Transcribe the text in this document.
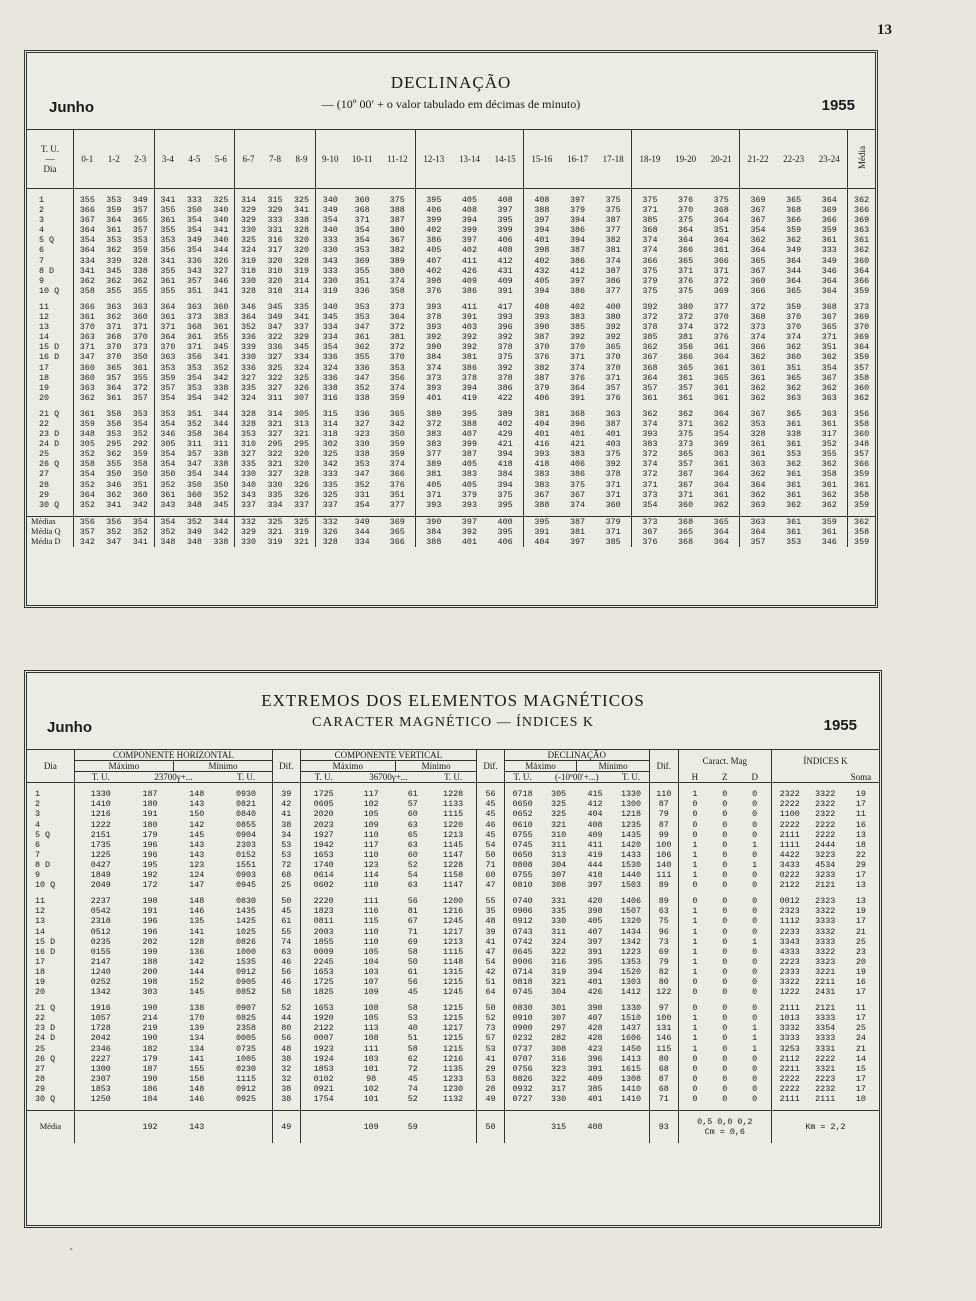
13
DECLINAÇÃO
Junho	— (10º 00′ + o valor tabulado em décimas de minuto)	1955
T. U.
—
Dia	0-1	1-2	2-3	3-4	4-5	5-6	6-7	7-8	8-9	9-10	10-11	11-12	12-13	13-14	14-15	15-16	16-17	17-18	18-19	19-20	20-21	21-22	22-23	23-24	Média

1	355	353	349	341	333	325	314	315	325	340	360	375	395	405	408	408	397	375	375	376	375	369	365	364	362
2	366	359	357	355	350	340	329	329	341	349	368	388	406	408	397	388	379	375	371	370	368	367	368	369	366
3	367	364	365	361	354	340	329	333	338	354	371	387	399	394	395	397	394	387	385	375	364	367	366	366	369
4	364	361	357	355	354	341	330	331	328	340	354	380	402	399	399	394	386	377	368	364	351	354	359	359	363
5 Q	354	353	353	353	349	340	325	316	320	333	354	367	386	397	406	401	394	382	374	364	364	362	362	361	361
6	364	362	359	356	354	344	324	317	320	330	353	382	405	402	408	398	387	381	374	366	361	364	349	333	362
7	334	339	328	341	336	326	319	320	328	343	369	389	407	411	412	402	386	374	366	365	366	365	364	349	360
8 D	341	345	338	355	343	327	318	310	319	333	355	380	402	426	431	432	412	387	375	371	371	367	344	346	364
9	362	362	362	361	357	346	330	320	314	330	351	374	398	409	409	405	397	386	379	376	372	360	364	364	366
10 Q	358	355	355	355	351	341	328	318	314	319	336	358	376	386	391	394	386	377	375	375	369	366	365	364	359

11	366	363	363	364	363	360	346	345	335	340	353	373	393	411	417	408	402	400	392	380	377	372	359	368	373
12	361	362	360	361	373	383	364	349	341	345	353	364	378	391	393	393	383	380	372	372	370	368	370	367	369
13	370	371	371	371	368	361	352	347	337	334	347	372	393	403	396	390	385	392	378	374	372	373	370	365	370
14	363	368	370	364	361	355	336	322	329	334	361	381	392	392	392	387	392	392	385	381	376	374	374	371	369
15 D	371	370	373	370	371	345	339	336	345	354	362	372	390	392	378	370	370	365	362	356	361	366	362	351	364
16 D	347	370	350	363	356	341	330	327	334	336	355	370	384	381	375	376	371	370	367	366	364	362	360	362	359
17	360	365	361	353	353	352	336	325	324	324	336	353	374	386	392	382	374	370	368	365	361	361	351	354	357
18	360	357	355	359	354	342	327	322	325	336	347	356	373	378	378	387	376	371	364	361	365	361	365	367	358
19	363	364	372	357	353	338	335	327	326	338	352	374	393	394	386	379	364	357	357	357	361	362	362	362	360
20	362	361	357	354	354	342	324	311	307	316	338	359	401	419	422	406	391	376	361	361	361	362	363	363	362

21 Q	361	358	353	353	351	344	328	314	305	315	336	365	389	395	389	381	368	363	362	362	364	367	365	363	356
22	359	358	354	354	352	344	328	321	313	314	327	342	372	388	402	404	396	387	374	371	362	353	361	361	358
23 D	348	353	352	346	358	364	353	327	321	318	323	350	383	407	429	401	401	401	393	375	354	328	338	317	360
24 D	305	295	292	305	311	311	310	295	295	302	330	359	383	399	421	416	421	403	383	373	369	361	361	352	348
25	352	362	359	354	357	338	327	322	320	325	338	359	377	387	394	393	383	375	372	365	363	361	353	355	357
26 Q	358	355	358	354	347	338	335	321	320	342	353	374	389	405	418	418	406	392	374	357	361	363	362	362	366
27	354	350	350	350	354	344	330	327	328	333	347	366	381	383	384	383	386	378	372	367	364	362	361	358	359
28	352	346	351	352	350	350	340	330	326	335	352	376	405	405	394	383	375	371	371	367	364	364	361	361	361
29	364	362	360	361	360	352	343	335	326	325	331	351	371	379	375	367	367	371	373	371	361	362	361	362	358
30 Q	352	341	342	343	348	345	337	334	337	337	354	377	393	393	395	388	374	360	354	360	362	363	362	362	359

Médias	356	356	354	354	352	344	332	325	325	332	349	369	390	397	400	395	387	379	373	368	365	363	361	359	362
Média Q	357	352	352	352	349	342	329	321	319	326	344	365	384	392	395	391	381	371	367	365	364	364	361	361	358
Média D	342	347	341	348	348	338	330	319	321	328	334	366	388	401	406	404	397	385	376	368	364	357	353	346	359
EXTREMOS DOS ELEMENTOS MAGNÉTICOS
Junho	CARACTER MAGNÉTICO — ÍNDICES K	1955
Dia	COMPONENTE HORIZONTAL				Dif.	COMPONENTE VERTICAL				Dif.	DECLINAÇÃO				Dif.	Caract. Mag			ÍNDICES K		
	Máximo		Mínimo			Máximo		Mínimo			Máximo		Mínimo								
	T. U.	23700γ+...		T. U.		T. U.	36700γ+...		T. U.		T. U.	(-10º00′+...)		T. U.		H	Z	D			Soma

1	1330	187	148	0930	39	1725	117	61	1228	56	0718	305	415	1330	110	1	0	0	2322	3322	19
2	1410	180	143	0821	42	0605	102	57	1133	45	0650	325	412	1300	87	0	0	0	2222	2322	17
3	1216	191	150	0840	41	2020	105	60	1115	45	0652	325	404	1218	79	0	0	0	1100	2322	11
4	1222	180	142	0855	38	2023	109	63	1220	46	0610	321	408	1235	87	0	0	0	2222	2222	16
5 Q	2151	179	145	0904	34	1927	110	65	1213	45	0755	310	409	1435	99	0	0	0	2111	2222	13
6	1735	196	143	2303	53	1942	117	63	1145	54	0745	311	411	1420	100	1	0	1	1111	2444	18
7	1225	196	143	0152	53	1653	110	60	1147	50	0650	313	419	1433	106	1	0	0	4422	3223	22
8 D	0427	195	123	1551	72	1740	123	52	1228	71	0808	304	444	1530	140	1	0	1	3433	4534	29
9	1849	192	124	0903	68	0614	114	54	1158	60	0755	307	418	1440	111	1	0	0	0222	3233	17
10 Q	2049	172	147	0945	25	0602	110	63	1147	47	0810	308	397	1503	89	0	0	0	2122	2121	13

11	2237	198	148	0830	50	2220	111	56	1200	55	0740	331	420	1406	89	0	0	0	0012	2323	13
12	0542	191	146	1435	45	1823	116	81	1216	35	0906	335	398	1507	63	1	0	0	2323	3322	19
13	2318	196	135	1425	61	0811	115	67	1245	48	0912	330	405	1320	75	1	0	0	1112	3333	17
14	0512	196	141	1025	55	2003	110	71	1217	39	0743	311	407	1434	96	1	0	0	2233	3332	21
15 D	0235	202	128	0826	74	1855	110	69	1213	41	0742	324	397	1342	73	1	0	1	3343	3333	25
16 D	0155	199	136	1000	63	0009	105	58	1115	47	0645	322	391	1223	69	1	0	0	4333	3322	23
17	2147	188	142	1535	46	2245	104	50	1148	54	0906	316	395	1353	79	1	0	0	2223	3323	20
18	1240	200	144	0912	56	1653	103	61	1315	42	0714	319	394	1520	82	1	0	0	2333	3221	19
19	0252	198	152	0905	46	1725	107	56	1215	51	0818	321	401	1303	80	0	0	0	3322	2211	16
20	1342	303	145	0852	58	1825	109	45	1245	64	0745	304	426	1412	122	0	0	0	1222	2431	17

21 Q	1916	190	138	0907	52	1653	108	58	1215	50	0830	301	398	1330	97	0	0	0	2111	2121	11
22	1057	214	170	0825	44	1920	105	53	1215	52	0910	307	407	1510	100	1	0	0	1013	3333	17
23 D	1728	219	139	2358	80	2122	113	40	1217	73	0900	297	428	1437	131	1	0	1	3332	3354	25
24 D	2042	190	134	0005	56	0007	108	51	1215	57	0232	282	428	1606	146	1	0	1	3333	3333	24
25	2346	182	134	0735	48	1923	111	58	1215	53	0737	308	423	1450	115	1	0	1	3253	3331	21
26 Q	2227	179	141	1005	38	1924	103	62	1216	41	0707	316	396	1413	80	0	0	0	2112	2222	14
27	1300	187	155	0230	32	1853	101	72	1135	29	0756	323	391	1615	68	0	0	0	2211	3321	15
28	2307	190	158	1115	32	0102	98	45	1233	53	0826	322	409	1308	87	0	0	0	2222	2223	17
29	1853	186	148	0912	38	0921	102	74	1230	28	0932	317	385	1410	68	0	0	0	2222	2232	17
30 Q	1250	184	146	0925	38	1754	101	52	1132	49	0727	330	401	1410	71	0	0	0	2111	2111	10

Média		192	143		49		109	59		50		315	408		93	0,5 0,0 0,2
Cm = 0,6			Km = 2,2		
˛
